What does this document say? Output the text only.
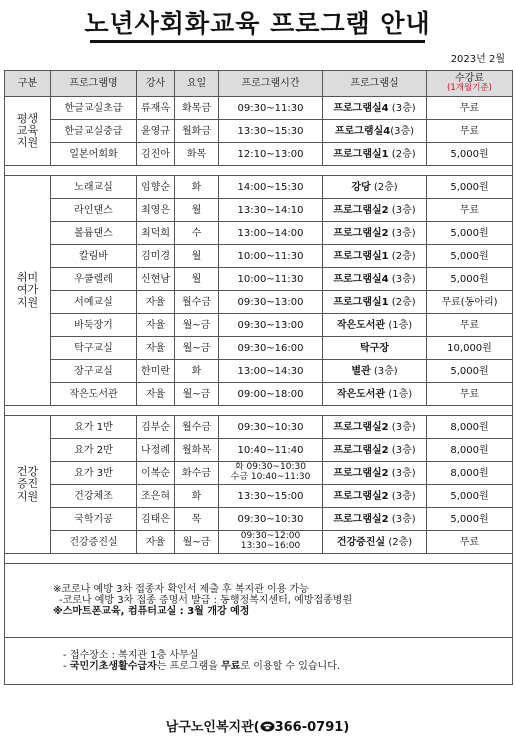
노년사회화교육 프로그램 안내
2023년 2월
구분	프로그램명	강사	요일	프로그램시간	프로그램실	수강료
(1개월기준)

평생
교육
지원	한글교실초급	류재옥	화목금	09:30~11:30	프로그램실4 (3층)	무료
	한글교실중급	윤영규	월화금	13:30~15:30	프로그램실4(3층)	무료
	일본어회화	김진아	화목	12:10~13:00	프로그램실1 (2층)	5,000원

취미
여가
지원	노래교실	임향순	화	14:00~15:30	강당 (2층)	5,000원
	라인댄스	최영은	월	13:30~14:10	프로그램실2 (3층)	무료
	볼륨댄스	최덕희	수	13:00~14:00	프로그램실2 (3층)	5,000원
	칼림바	김미경	월	10:00~11:30	프로그램실1 (2층)	5,000원
	우쿨렐레	신현남	월	10:00~11:30	프로그램실4 (3층)	5,000원
	서예교실	자율	월수금	09:30~13:00	프로그램실1 (2층)	무료(동아리)
	바둑장기	자율	월~금	09:30~13:00	작은도서관 (1층)	무료
	탁구교실	자율	월~금	09:30~16:00	탁구장	10,000원
	장구교실	한미란	화	13:00~14:30	별관 (3층)	5,000원
	작은도서관	자율	월~금	09:00~18:00	작은도서관 (1층)	무료

건강
증진
지원	요가 1반	김부순	월수금	09:30~10:30	프로그램실2 (3층)	8,000원
	요가 2반	나정례	월화목	10:40~11:40	프로그램실2 (3층)	8,000원
	요가 3반	이복순	화수금	화 09:30~10:30
수금 10:40~11:30	프로그램실2 (3층)	8,000원
	건강체조	조은혀	화	13:30~15:00	프로그램실2 (3층)	5,000원
	국학기공	김태은	목	09:30~10:30	프로그램실2 (3층)	5,000원
	건강증진실	자율	월~금	09:30~12:00
13:30~16:00	건강증진실 (2층)	무료

※코로나 예방 3차 접종자 확인서 제출 후 복지관 이용 가능
-코로나 예방 3차 접종 증명서 발급 : 동행정복지센터, 예방접종병원
※스마트폰교육, 컴퓨터교실 : 3월 개강 예정						

- 접수장소 : 복지관 1층 사무실
- 국민기초생활수급자는 프로그램을 무료로 이용할 수 있습니다.						
남구노인복지관( 366-0791)
